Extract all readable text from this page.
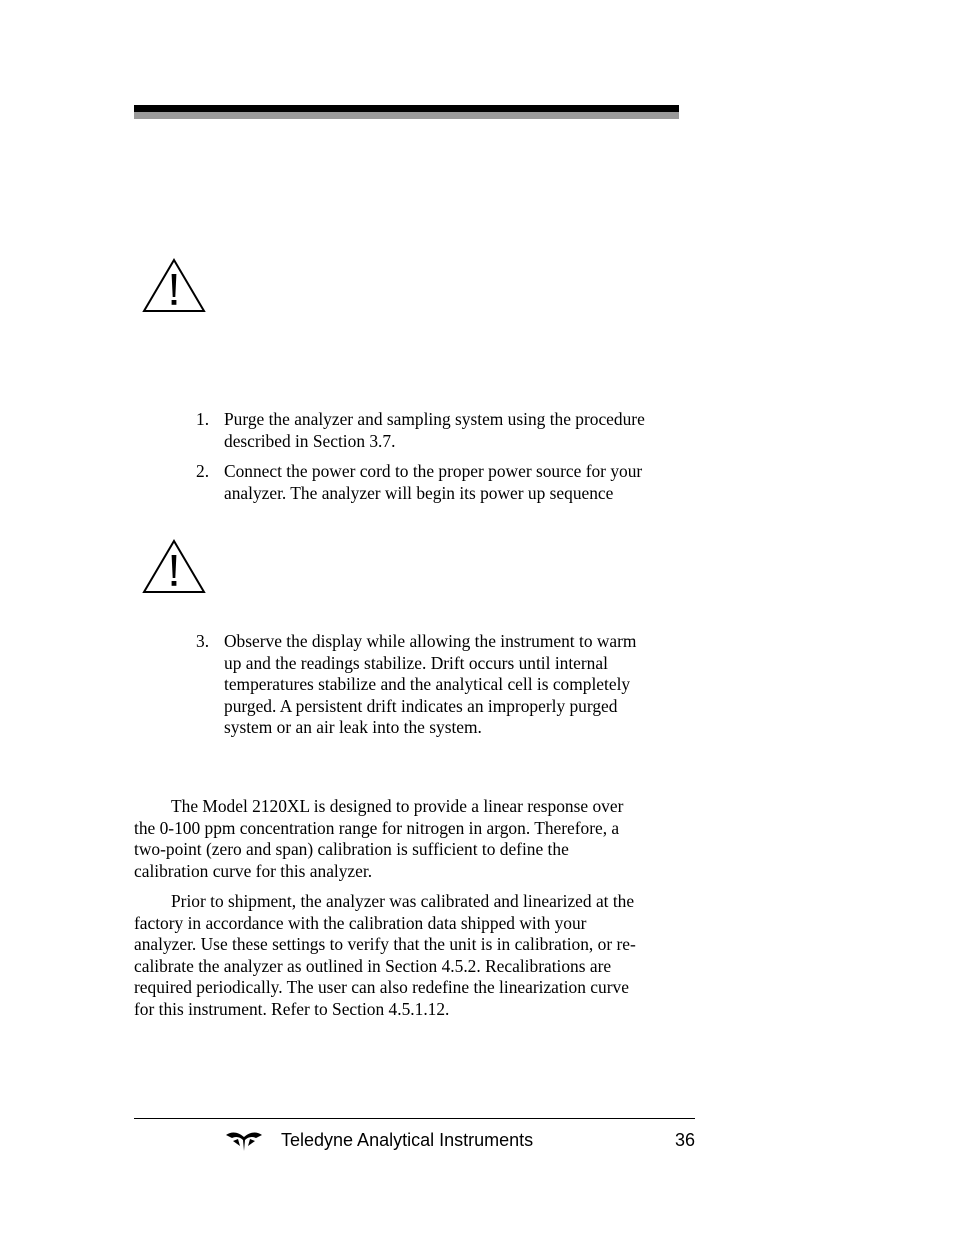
1. Purge the analyzer and sampling system using the procedure
described in Section 3.7.
2. Connect the power cord to the proper power source for your
analyzer. The analyzer will begin its power up sequence
3. Observe the display while allowing the instrument to warm
up and the readings stabilize. Drift occurs until internal
temperatures stabilize and the analytical cell is completely
purged. A persistent drift indicates an improperly purged
system or an air leak into the system.
The Model 2120XL is designed to provide a linear response over
the 0-100 ppm concentration range for nitrogen in argon. Therefore, a
two-point (zero and span) calibration is sufficient to define the
calibration curve for this analyzer.
Prior to shipment, the analyzer was calibrated and linearized at the
factory in accordance with the calibration data shipped with your
analyzer. Use these settings to verify that the unit is in calibration, or re-
calibrate the analyzer as outlined in Section 4.5.2. Recalibrations are
required periodically. The user can also redefine the linearization curve
for this instrument. Refer to Section 4.5.1.12.
Teledyne Analytical Instruments	36
